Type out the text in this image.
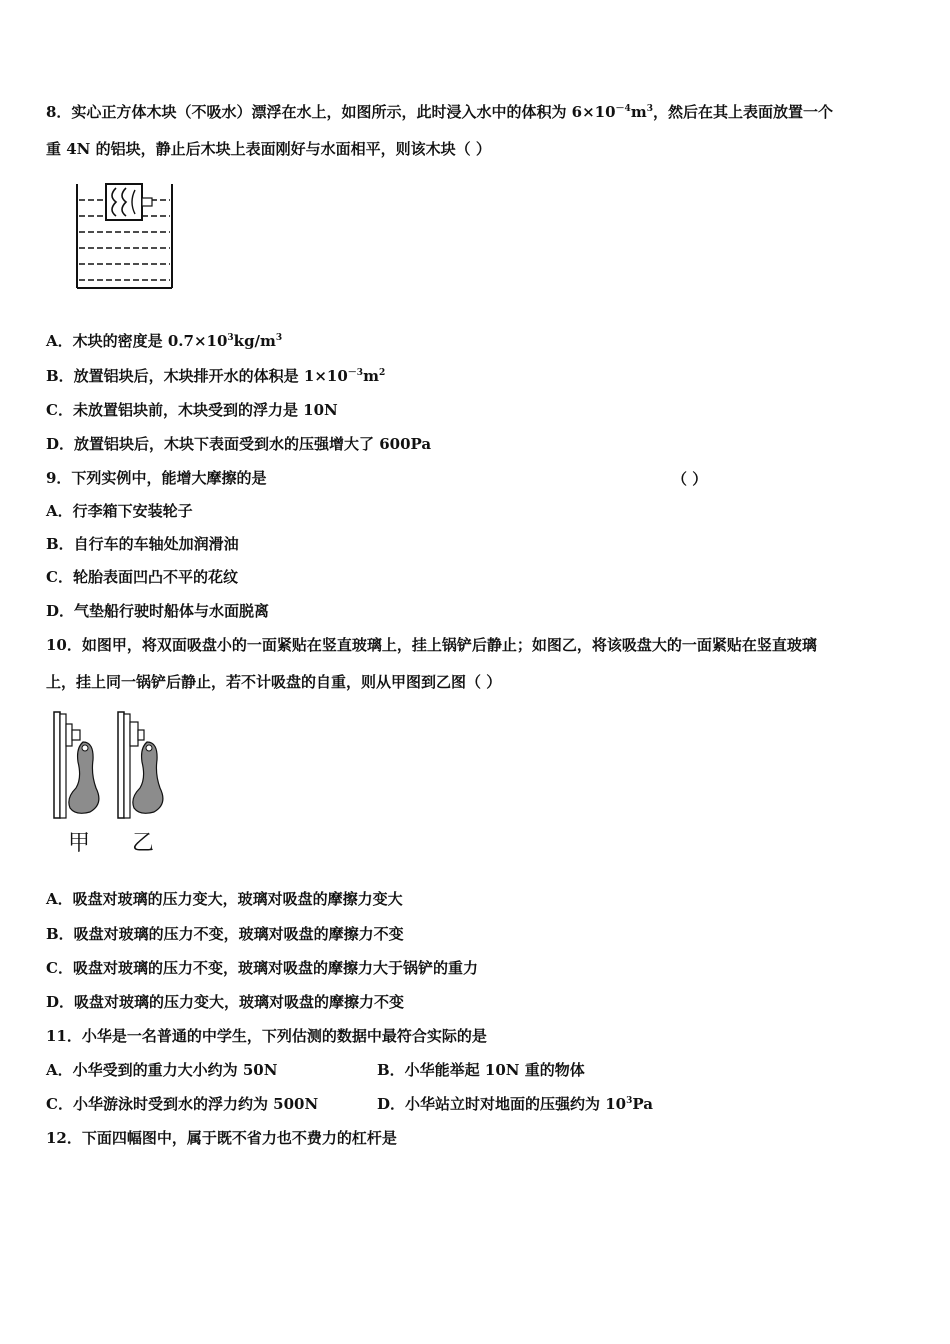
8．实心正方体木块（不吸水）漂浮在水上，如图所示，此时浸入水中的体积为 $6\times 10^{-4}m^3$，然后在其上表面放置一个
重 4N 的铝块，静止后木块上表面刚好与水面相平，则该木块（ ）
A．木块的密度是 $0.7\times 10^3kg/m^3$
B．放置铝块后，木块排开水的体积是 $1\times 10^{-3}m^2$
C．未放置铝块前，木块受到的浮力是 10N
D．放置铝块后，木块下表面受到水的压强增大了 600Pa
9．下列实例中，能增大摩擦的是	（ ）
A．行李箱下安装轮子
B．自行车的车轴处加润滑油
C．轮胎表面凹凸不平的花纹
D．气垫船行驶时船体与水面脱离
10．如图甲，将双面吸盘小的一面紧贴在竖直玻璃上，挂上锅铲后静止；如图乙，将该吸盘大的一面紧贴在竖直玻璃
上，挂上同一锅铲后静止，若不计吸盘的自重，则从甲图到乙图（ ）
甲 乙
A．吸盘对玻璃的压力变大，玻璃对吸盘的摩擦力变大
B．吸盘对玻璃的压力不变，玻璃对吸盘的摩擦力不变
C．吸盘对玻璃的压力不变，玻璃对吸盘的摩擦力大于锅铲的重力
D．吸盘对玻璃的压力变大，玻璃对吸盘的摩擦力不变
11．小华是一名普通的中学生，下列估测的数据中最符合实际的是
A．小华受到的重力大小约为 50N	B．小华能举起 10N 重的物体
C．小华游泳时受到水的浮力约为 500N	D．小华站立时对地面的压强约为 $10^3Pa$
12．下面四幅图中，属于既不省力也不费力的杠杆是
